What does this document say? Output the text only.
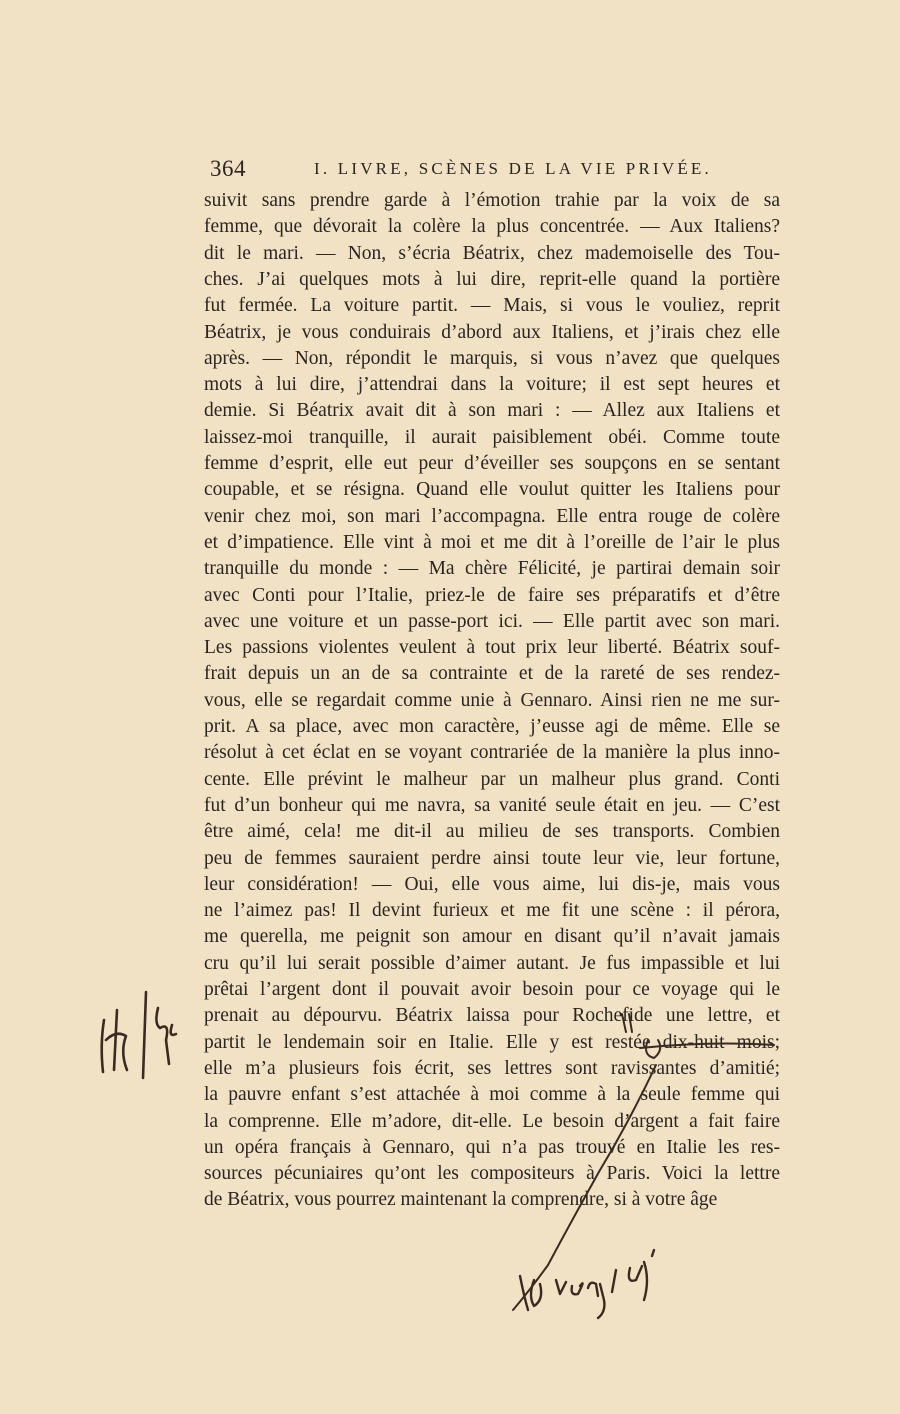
364	I. LIVRE, SCÈNES DE LA VIE PRIVÉE.
suivit sans prendre garde à l’émotion trahie par la voix de sa
femme, que dévorait la colère la plus concentrée. — Aux Italiens?
dit le mari. — Non, s’écria Béatrix, chez mademoiselle des Tou-
ches. J’ai quelques mots à lui dire, reprit-elle quand la portière
fut fermée. La voiture partit. — Mais, si vous le vouliez, reprit
Béatrix, je vous conduirais d’abord aux Italiens, et j’irais chez elle
après. — Non, répondit le marquis, si vous n’avez que quelques
mots à lui dire, j’attendrai dans la voiture; il est sept heures et
demie. Si Béatrix avait dit à son mari : — Allez aux Italiens et
laissez-moi tranquille, il aurait paisiblement obéi. Comme toute
femme d’esprit, elle eut peur d’éveiller ses soupçons en se sentant
coupable, et se résigna. Quand elle voulut quitter les Italiens pour
venir chez moi, son mari l’accompagna. Elle entra rouge de colère
et d’impatience. Elle vint à moi et me dit à l’oreille de l’air le plus
tranquille du monde : — Ma chère Félicité, je partirai demain soir
avec Conti pour l’Italie, priez-le de faire ses préparatifs et d’être
avec une voiture et un passe-port ici. — Elle partit avec son mari.
Les passions violentes veulent à tout prix leur liberté. Béatrix souf-
frait depuis un an de sa contrainte et de la rareté de ses rendez-
vous, elle se regardait comme unie à Gennaro. Ainsi rien ne me sur-
prit. A sa place, avec mon caractère, j’eusse agi de même. Elle se
résolut à cet éclat en se voyant contrariée de la manière la plus inno-
cente. Elle prévint le malheur par un malheur plus grand. Conti
fut d’un bonheur qui me navra, sa vanité seule était en jeu. — C’est
être aimé, cela! me dit-il au milieu de ses transports. Combien
peu de femmes sauraient perdre ainsi toute leur vie, leur fortune,
leur considération! — Oui, elle vous aime, lui dis-je, mais vous
ne l’aimez pas! Il devint furieux et me fit une scène : il pérora,
me querella, me peignit son amour en disant qu’il n’avait jamais
cru qu’il lui serait possible d’aimer autant. Je fus impassible et lui
prêtai l’argent dont il pouvait avoir besoin pour ce voyage qui le
prenait au dépourvu. Béatrix laissa pour Rochefide une lettre, et
partit le lendemain soir en Italie. Elle y est restée dix-huit mois;
elle m’a plusieurs fois écrit, ses lettres sont ravissantes d’amitié;
la pauvre enfant s’est attachée à moi comme à la seule femme qui
la comprenne. Elle m’adore, dit-elle. Le besoin d’argent a fait faire
un opéra français à Gennaro, qui n’a pas trouvé en Italie les res-
sources pécuniaires qu’ont les compositeurs à Paris. Voici la lettre
de Béatrix, vous pourrez maintenant la comprendre, si à votre âge
